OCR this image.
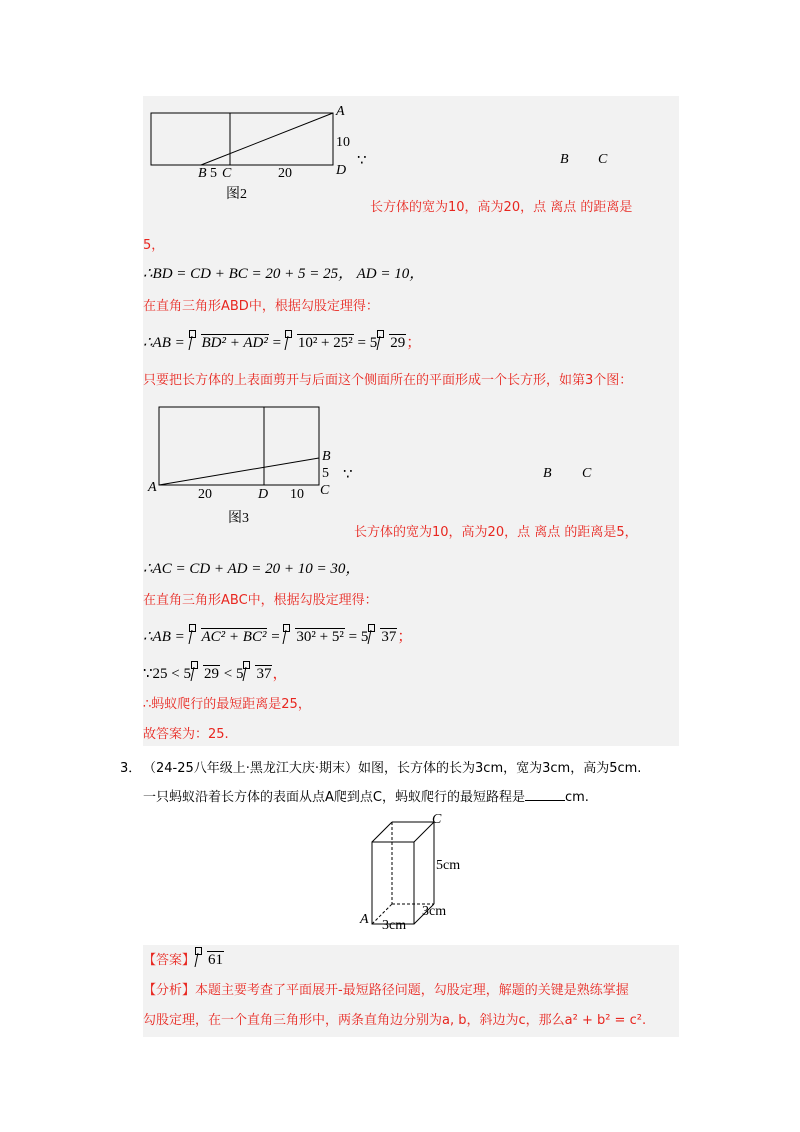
A
10
D
B 5 C	20
图2
∵	B C
长方体的宽为10，高为20，点 离点 的距离是
5，
∴BD = CD + BC = 20 + 5 = 25， AD = 10，
在直角三角形ABD中，根据勾股定理得：
∴AB = BD² + AD² = 10² + 25² = 5 29；
只要把长方体的上表面剪开与后面这个侧面所在的平面形成一个长方形，如第3个图：
B
5
C
A	20	D 10
图3
∵	B C
长方体的宽为10，高为20，点 离点 的距离是5，
∴AC = CD + AD = 20 + 10 = 30，
在直角三角形ABC中，根据勾股定理得：
∴AB = AC² + BC² = 30² + 5² = 5 37；
∵25 < 5 29 < 5 37，
∴蚂蚁爬行的最短距离是25，
故答案为：25.
3． （24-25八年级上·黑龙江大庆·期末）如图，长方体的长为3cm，宽为3cm，高为5cm.
一只蚂蚁沿着长方体的表面从点A爬到点C，蚂蚁爬行的最短路程是	cm.
C
5cm
3cm
A 3cm
【答案】 61
【分析】本题主要考查了平面展开-最短路径问题，勾股定理，解题的关键是熟练掌握
勾股定理，在一个直角三角形中，两条直角边分别为a, b，斜边为c，那么a² + b² = c².
